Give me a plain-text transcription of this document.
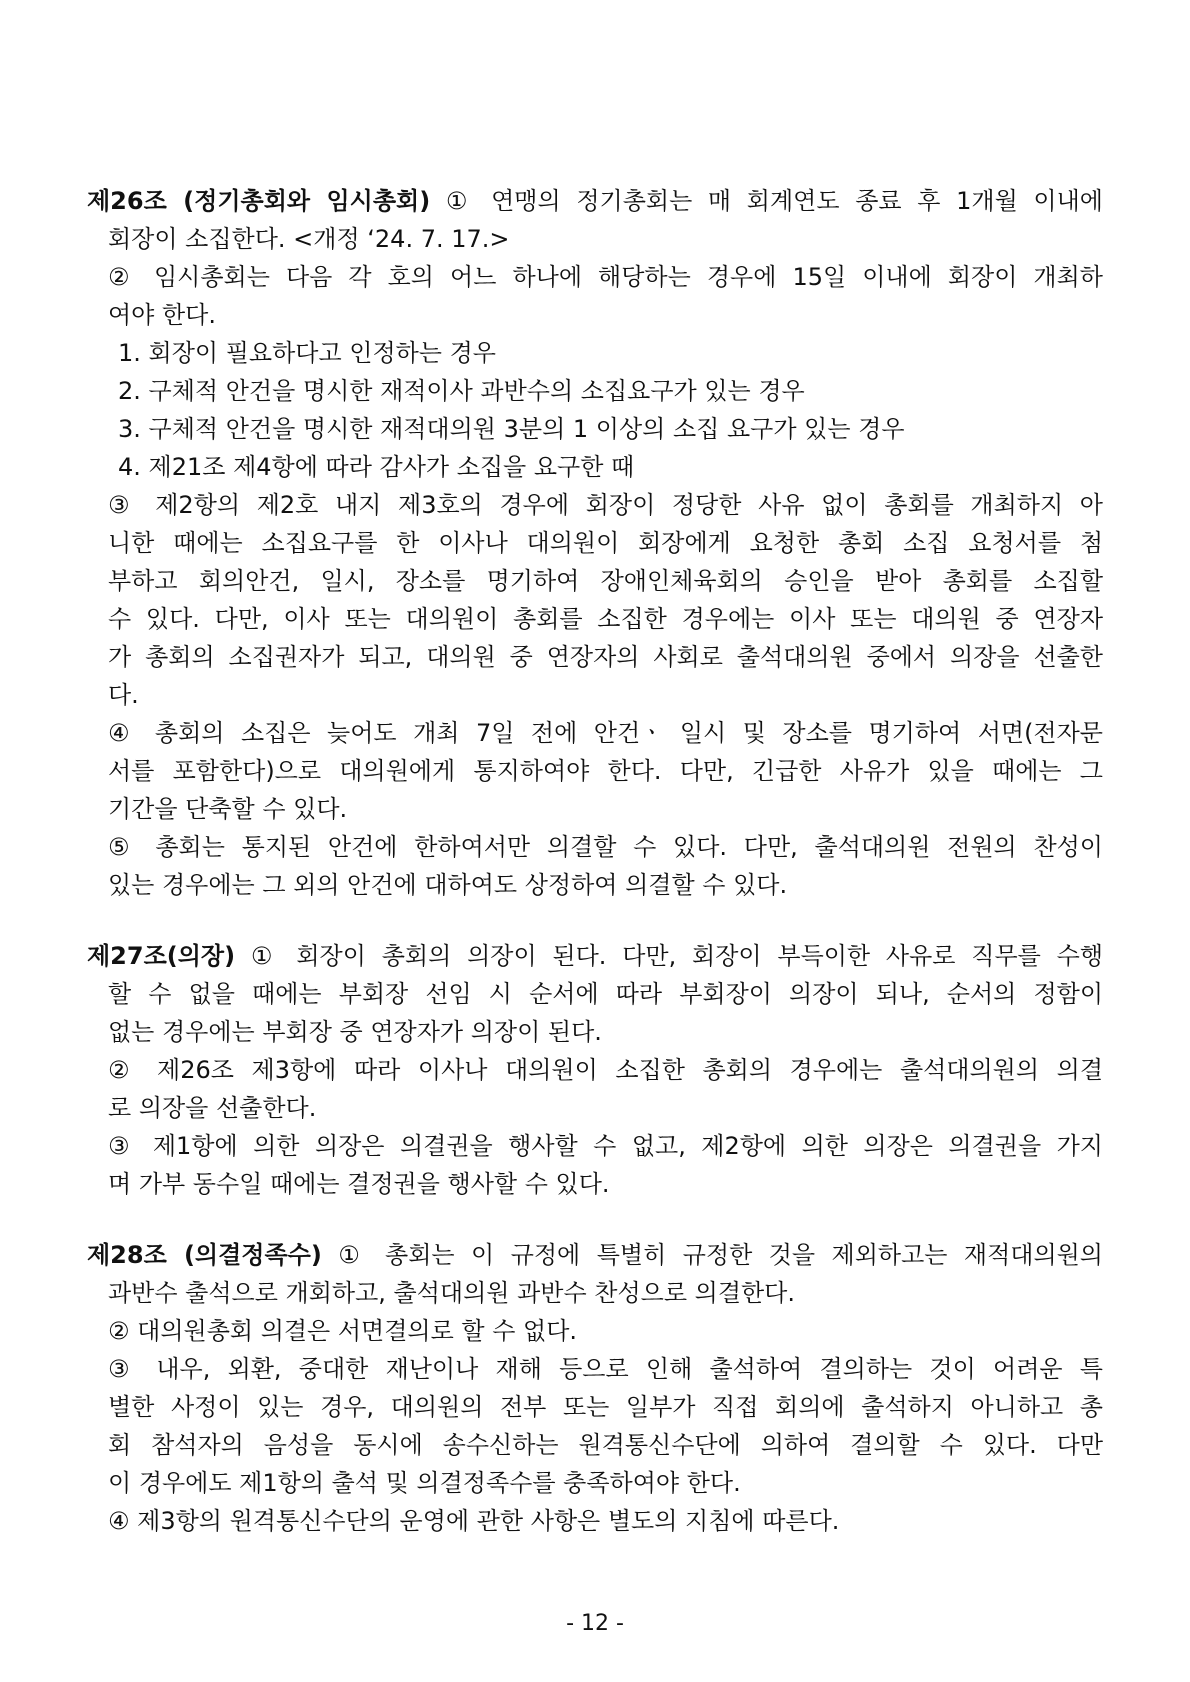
제26조 (정기총회와 임시총회) ① 연맹의 정기총회는 매 회계연도 종료 후 1개월 이내에
회장이 소집한다. <개정 ‘24. 7. 17.>
② 임시총회는 다음 각 호의 어느 하나에 해당하는 경우에 15일 이내에 회장이 개최하
여야 한다.
1. 회장이 필요하다고 인정하는 경우
2. 구체적 안건을 명시한 재적이사 과반수의 소집요구가 있는 경우
3. 구체적 안건을 명시한 재적대의원 3분의 1 이상의 소집 요구가 있는 경우
4. 제21조 제4항에 따라 감사가 소집을 요구한 때
③ 제2항의 제2호 내지 제3호의 경우에 회장이 정당한 사유 없이 총회를 개최하지 아
니한 때에는 소집요구를 한 이사나 대의원이 회장에게 요청한 총회 소집 요청서를 첨
부하고 회의안건, 일시, 장소를 명기하여 장애인체육회의 승인을 받아 총회를 소집할
수 있다. 다만, 이사 또는 대의원이 총회를 소집한 경우에는 이사 또는 대의원 중 연장자
가 총회의 소집권자가 되고, 대의원 중 연장자의 사회로 출석대의원 중에서 의장을 선출한
다.
④ 총회의 소집은 늦어도 개최 7일 전에 안건ㆍ 일시 및 장소를 명기하여 서면(전자문
서를 포함한다)으로 대의원에게 통지하여야 한다. 다만, 긴급한 사유가 있을 때에는 그
기간을 단축할 수 있다.
⑤ 총회는 통지된 안건에 한하여서만 의결할 수 있다. 다만, 출석대의원 전원의 찬성이
있는 경우에는 그 외의 안건에 대하여도 상정하여 의결할 수 있다.
제27조(의장) ① 회장이 총회의 의장이 된다. 다만, 회장이 부득이한 사유로 직무를 수행
할 수 없을 때에는 부회장 선임 시 순서에 따라 부회장이 의장이 되나, 순서의 정함이
없는 경우에는 부회장 중 연장자가 의장이 된다.
② 제26조 제3항에 따라 이사나 대의원이 소집한 총회의 경우에는 출석대의원의 의결
로 의장을 선출한다.
③ 제1항에 의한 의장은 의결권을 행사할 수 없고, 제2항에 의한 의장은 의결권을 가지
며 가부 동수일 때에는 결정권을 행사할 수 있다.
제28조 (의결정족수) ① 총회는 이 규정에 특별히 규정한 것을 제외하고는 재적대의원의
과반수 출석으로 개회하고, 출석대의원 과반수 찬성으로 의결한다.
② 대의원총회 의결은 서면결의로 할 수 없다.
③ 내우, 외환, 중대한 재난이나 재해 등으로 인해 출석하여 결의하는 것이 어려운 특
별한 사정이 있는 경우, 대의원의 전부 또는 일부가 직접 회의에 출석하지 아니하고 총
회 참석자의 음성을 동시에 송수신하는 원격통신수단에 의하여 결의할 수 있다. 다만
이 경우에도 제1항의 출석 및 의결정족수를 충족하여야 한다.
④ 제3항의 원격통신수단의 운영에 관한 사항은 별도의 지침에 따른다.
- 12 -
